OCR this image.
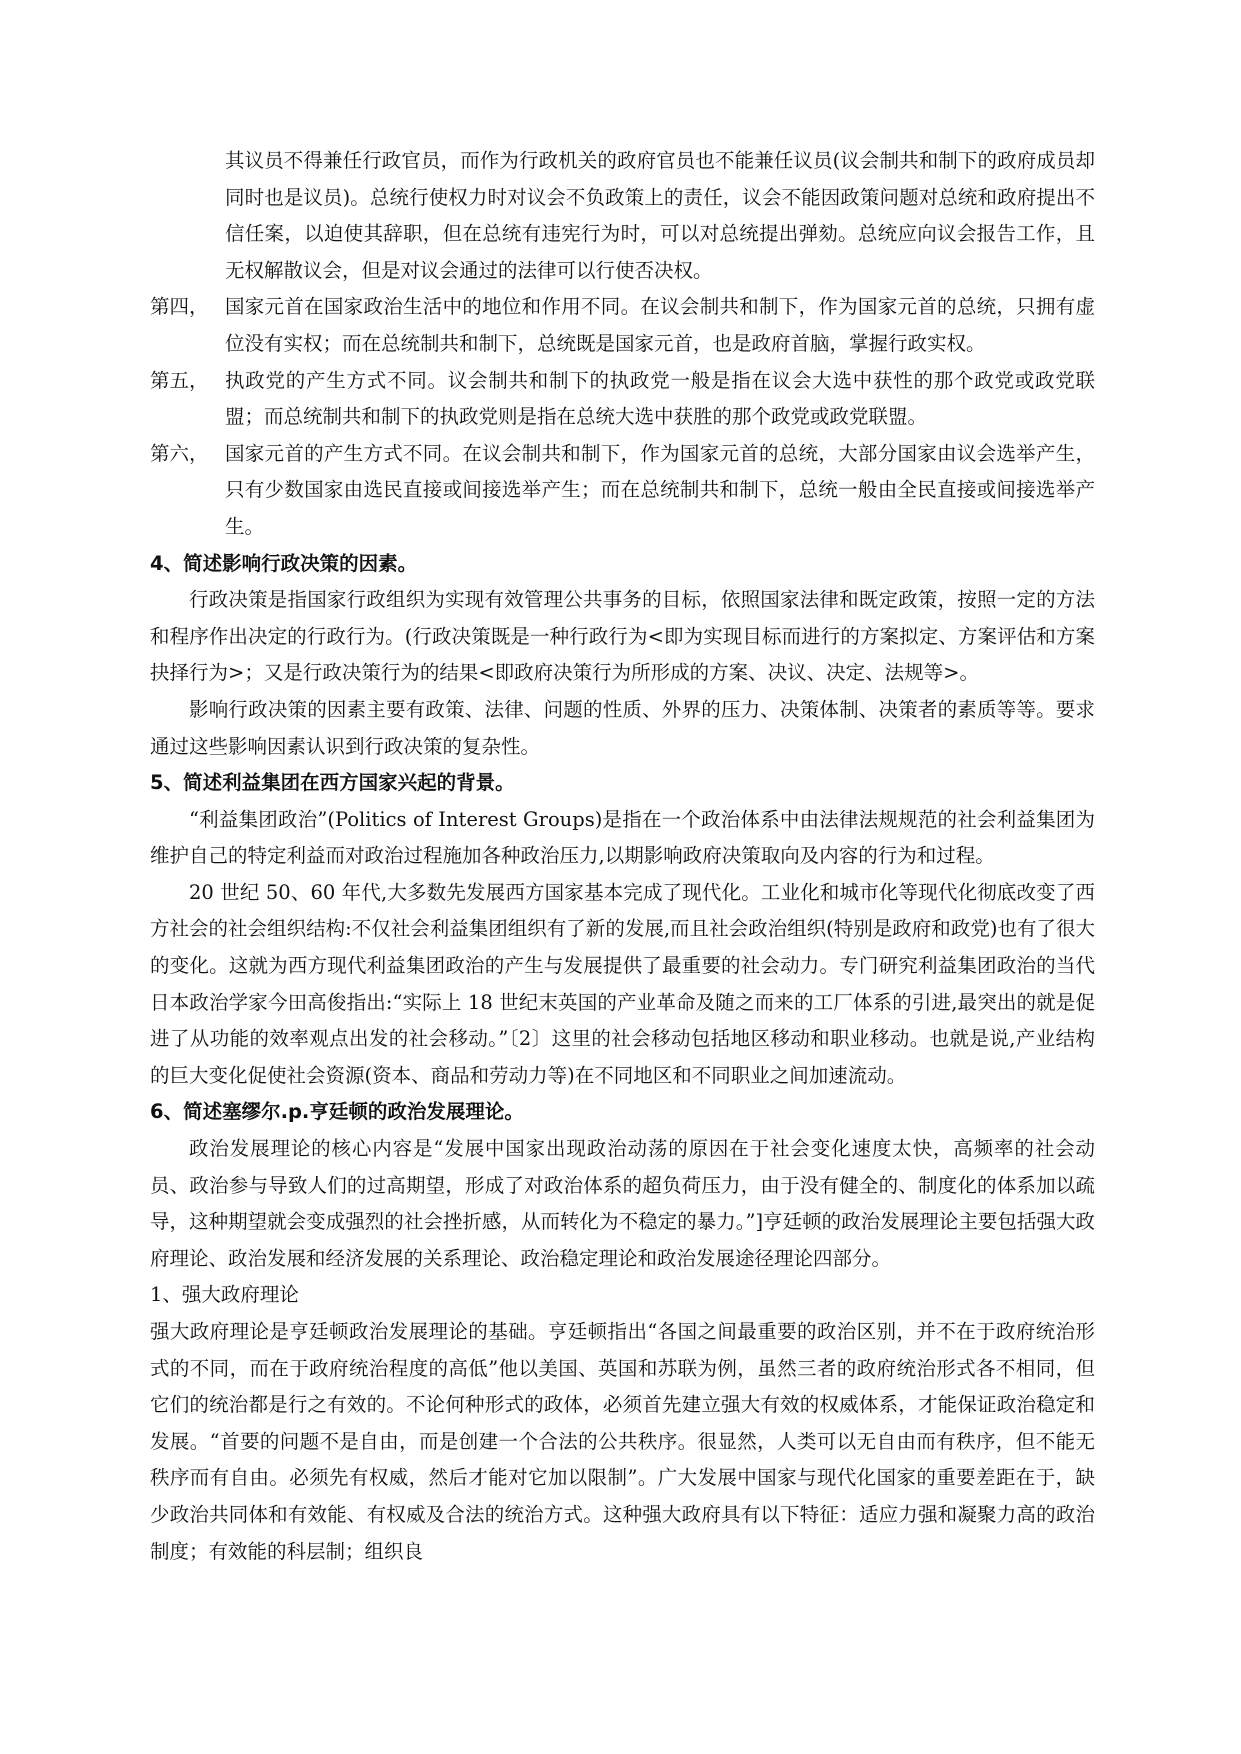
其议员不得兼任行政官员，而作为行政机关的政府官员也不能兼任议员(议会制共和制下的政府成员却同时也是议员)。总统行使权力时对议会不负政策上的责任，议会不能因政策问题对总统和政府提出不信任案，以迫使其辞职，但在总统有违宪行为时，可以对总统提出弹劾。总统应向议会报告工作，且无权解散议会，但是对议会通过的法律可以行使否决权。

第四， 国家元首在国家政治生活中的地位和作用不同。在议会制共和制下，作为国家元首的总统，只拥有虚位没有实权；而在总统制共和制下，总统既是国家元首，也是政府首脑，掌握行政实权。
第五， 执政党的产生方式不同。议会制共和制下的执政党一般是指在议会大选中获性的那个政党或政党联盟；而总统制共和制下的执政党则是指在总统大选中获胜的那个政党或政党联盟。
第六， 国家元首的产生方式不同。在议会制共和制下，作为国家元首的总统，大部分国家由议会选举产生，只有少数国家由选民直接或间接选举产生；而在总统制共和制下，总统一般由全民直接或间接选举产生。

4、简述影响行政决策的因素。

行政决策是指国家行政组织为实现有效管理公共事务的目标，依照国家法律和既定政策，按照一定的方法和程序作出决定的行政行为。(行政决策既是一种行政行为<即为实现目标而进行的方案拟定、方案评估和方案抉择行为>；又是行政决策行为的结果<即政府决策行为所形成的方案、决议、决定、法规等>。

影响行政决策的因素主要有政策、法律、问题的性质、外界的压力、决策体制、决策者的素质等等。要求通过这些影响因素认识到行政决策的复杂性。

5、简述利益集团在西方国家兴起的背景。

“利益集团政治”(Politics of Interest Groups)是指在一个政治体系中由法律法规规范的社会利益集团为维护自己的特定利益而对政治过程施加各种政治压力,以期影响政府决策取向及内容的行为和过程。

20 世纪 50、60 年代,大多数先发展西方国家基本完成了现代化。工业化和城市化等现代化彻底改变了西方社会的社会组织结构:不仅社会利益集团组织有了新的发展,而且社会政治组织(特别是政府和政党)也有了很大的变化。这就为西方现代利益集团政治的产生与发展提供了最重要的社会动力。专门研究利益集团政治的当代日本政治学家今田高俊指出:“实际上 18 世纪末英国的产业革命及随之而来的工厂体系的引进,最突出的就是促进了从功能的效率观点出发的社会移动。”〔2〕这里的社会移动包括地区移动和职业移动。也就是说,产业结构的巨大变化促使社会资源(资本、商品和劳动力等)在不同地区和不同职业之间加速流动。

6、简述塞缪尔.p.亨廷顿的政治发展理论。

政治发展理论的核心内容是“发展中国家出现政治动荡的原因在于社会变化速度太快，高频率的社会动员、政治参与导致人们的过高期望，形成了对政治体系的超负荷压力，由于没有健全的、制度化的体系加以疏导，这种期望就会变成强烈的社会挫折感，从而转化为不稳定的暴力。”]亨廷顿的政治发展理论主要包括强大政府理论、政治发展和经济发展的关系理论、政治稳定理论和政治发展途径理论四部分。

1、强大政府理论

强大政府理论是亨廷顿政治发展理论的基础。亨廷顿指出“各国之间最重要的政治区别，并不在于政府统治形式的不同，而在于政府统治程度的高低”他以美国、英国和苏联为例，虽然三者的政府统治形式各不相同，但它们的统治都是行之有效的。不论何种形式的政体，必须首先建立强大有效的权威体系，才能保证政治稳定和发展。“首要的问题不是自由，而是创建一个合法的公共秩序。很显然，人类可以无自由而有秩序，但不能无秩序而有自由。必须先有权威，然后才能对它加以限制”。广大发展中国家与现代化国家的重要差距在于，缺少政治共同体和有效能、有权威及合法的统治方式。这种强大政府具有以下特征：适应力强和凝聚力高的政治制度；有效能的科层制；组织良
